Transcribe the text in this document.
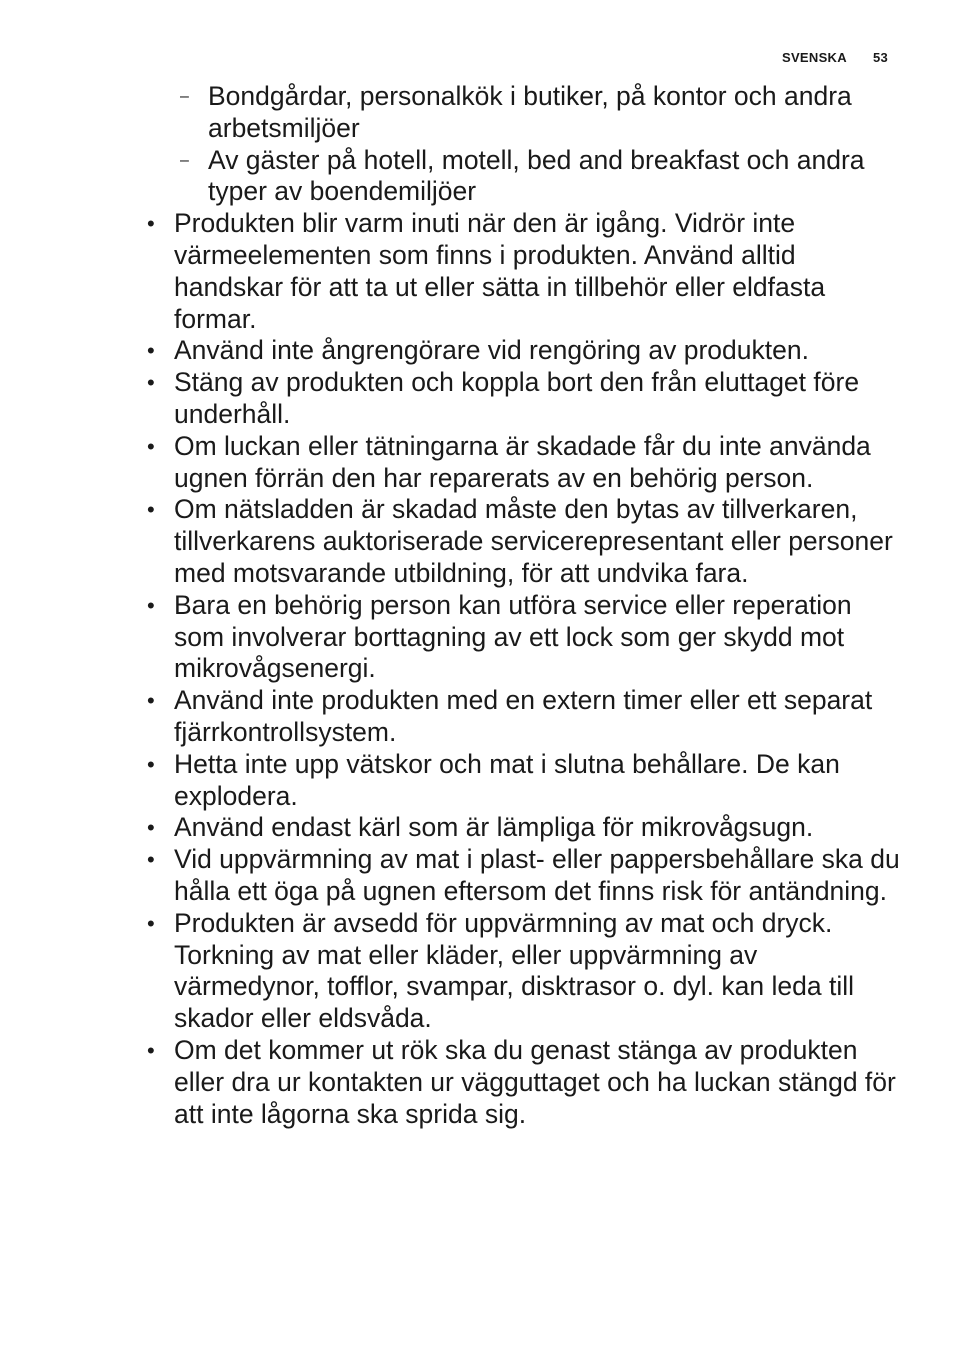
SVENSKA 53
– Bondgårdar, personalkök i butiker, på kontor och andra arbetsmiljöer
– Av gäster på hotell, motell, bed and breakfast och andra typer av boendemiljöer
• Produkten blir varm inuti när den är igång. Vidrör inte värmeelementen som finns i produkten. Använd alltid handskar för att ta ut eller sätta in tillbehör eller eldfasta formar.
• Använd inte ångrengörare vid rengöring av produkten.
• Stäng av produkten och koppla bort den från eluttaget före underhåll.
• Om luckan eller tätningarna är skadade får du inte använda ugnen förrän den har reparerats av en behörig person.
• Om nätsladden är skadad måste den bytas av tillverkaren, tillverkarens auktoriserade servicerepresentant eller personer med motsvarande utbildning, för att undvika fara.
• Bara en behörig person kan utföra service eller reperation som involverar borttagning av ett lock som ger skydd mot mikrovågsenergi.
• Använd inte produkten med en extern timer eller ett separat fjärrkontrollsystem.
• Hetta inte upp vätskor och mat i slutna behållare. De kan explodera.
• Använd endast kärl som är lämpliga för mikrovågsugn.
• Vid uppvärmning av mat i plast- eller pappersbehållare ska du hålla ett öga på ugnen eftersom det finns risk för antändning.
• Produkten är avsedd för uppvärmning av mat och dryck. Torkning av mat eller kläder, eller uppvärmning av värmedynor, tofflor, svampar, disktrasor o. dyl. kan leda till skador eller eldsvåda.
• Om det kommer ut rök ska du genast stänga av produkten eller dra ur kontakten ur vägguttaget och ha luckan stängd för att inte lågorna ska sprida sig.
